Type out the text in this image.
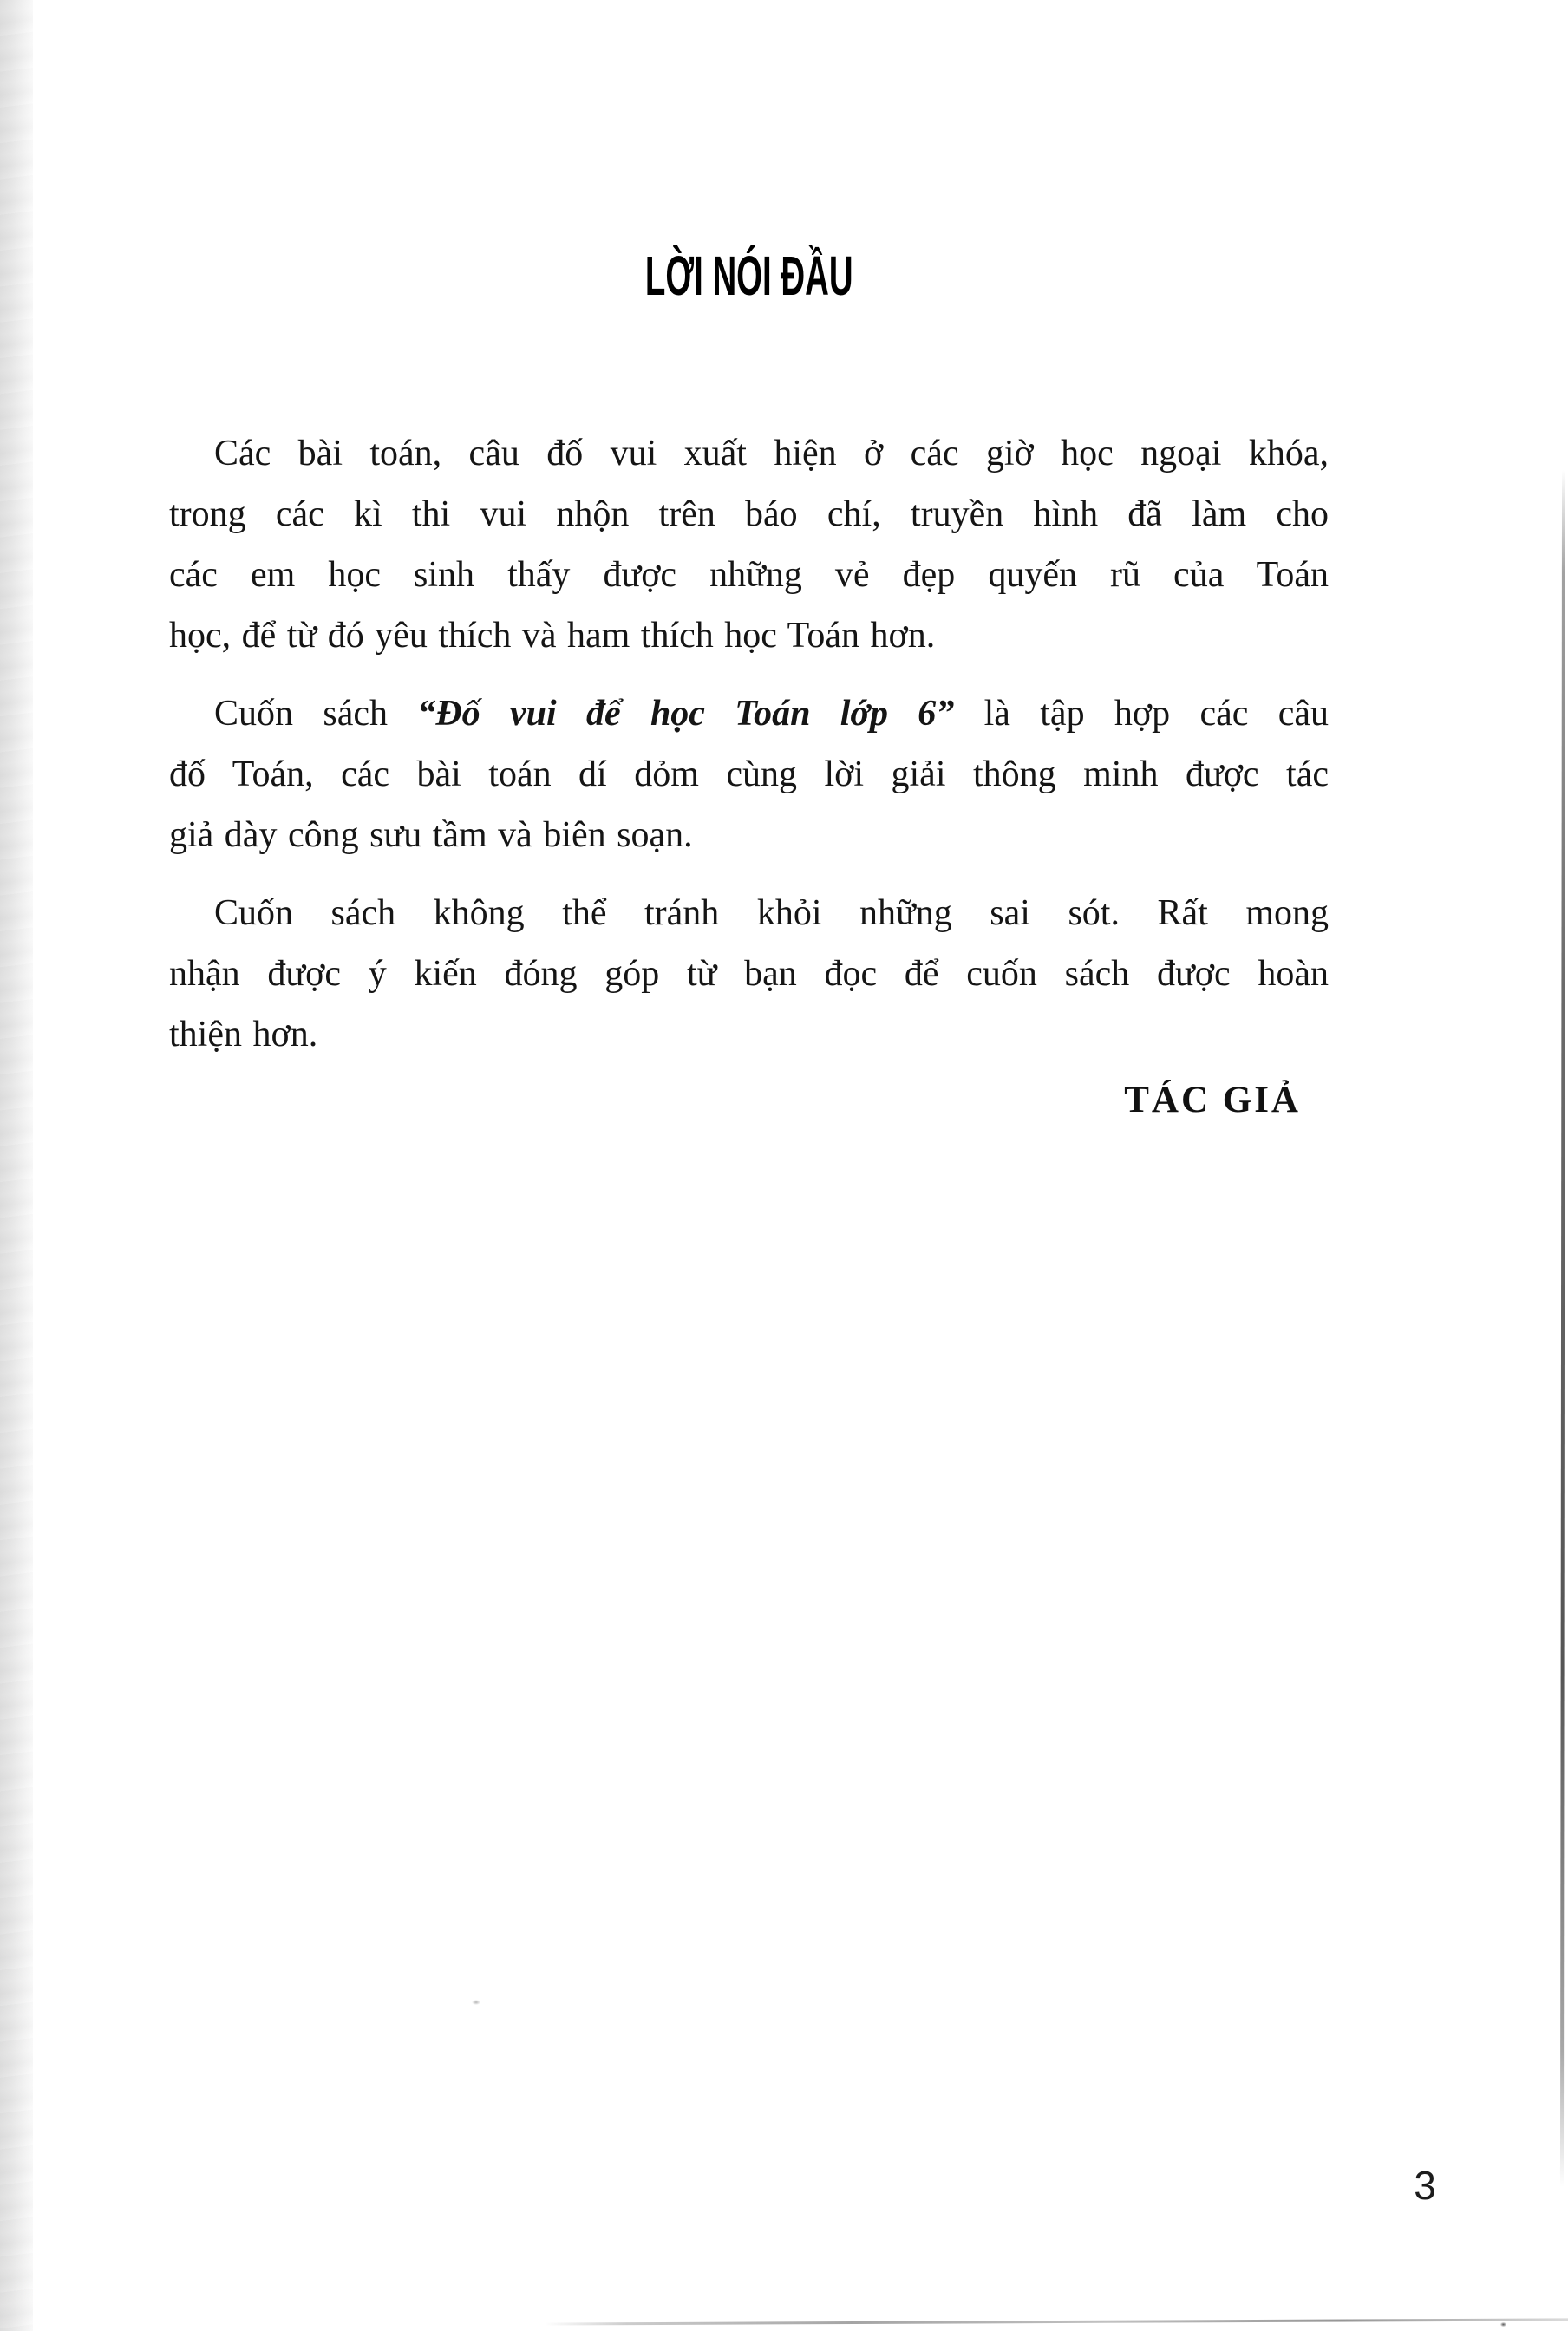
LỜI NÓI ĐẦU
Các bài toán, câu đố vui xuất hiện ở các giờ học ngoại khóa,
trong các kì thi vui nhộn trên báo chí, truyền hình đã làm cho
các em học sinh thấy được những vẻ đẹp quyến rũ của Toán
học, để từ đó yêu thích và ham thích học Toán hơn.
Cuốn sách “Đố vui để học Toán lớp 6” là tập hợp các câu
đố Toán, các bài toán dí dỏm cùng lời giải thông minh được tác
giả dày công sưu tầm và biên soạn.
Cuốn sách không thể tránh khỏi những sai sót. Rất mong
nhận được ý kiến đóng góp từ bạn đọc để cuốn sách được hoàn
thiện hơn.
TÁC GIẢ
3
